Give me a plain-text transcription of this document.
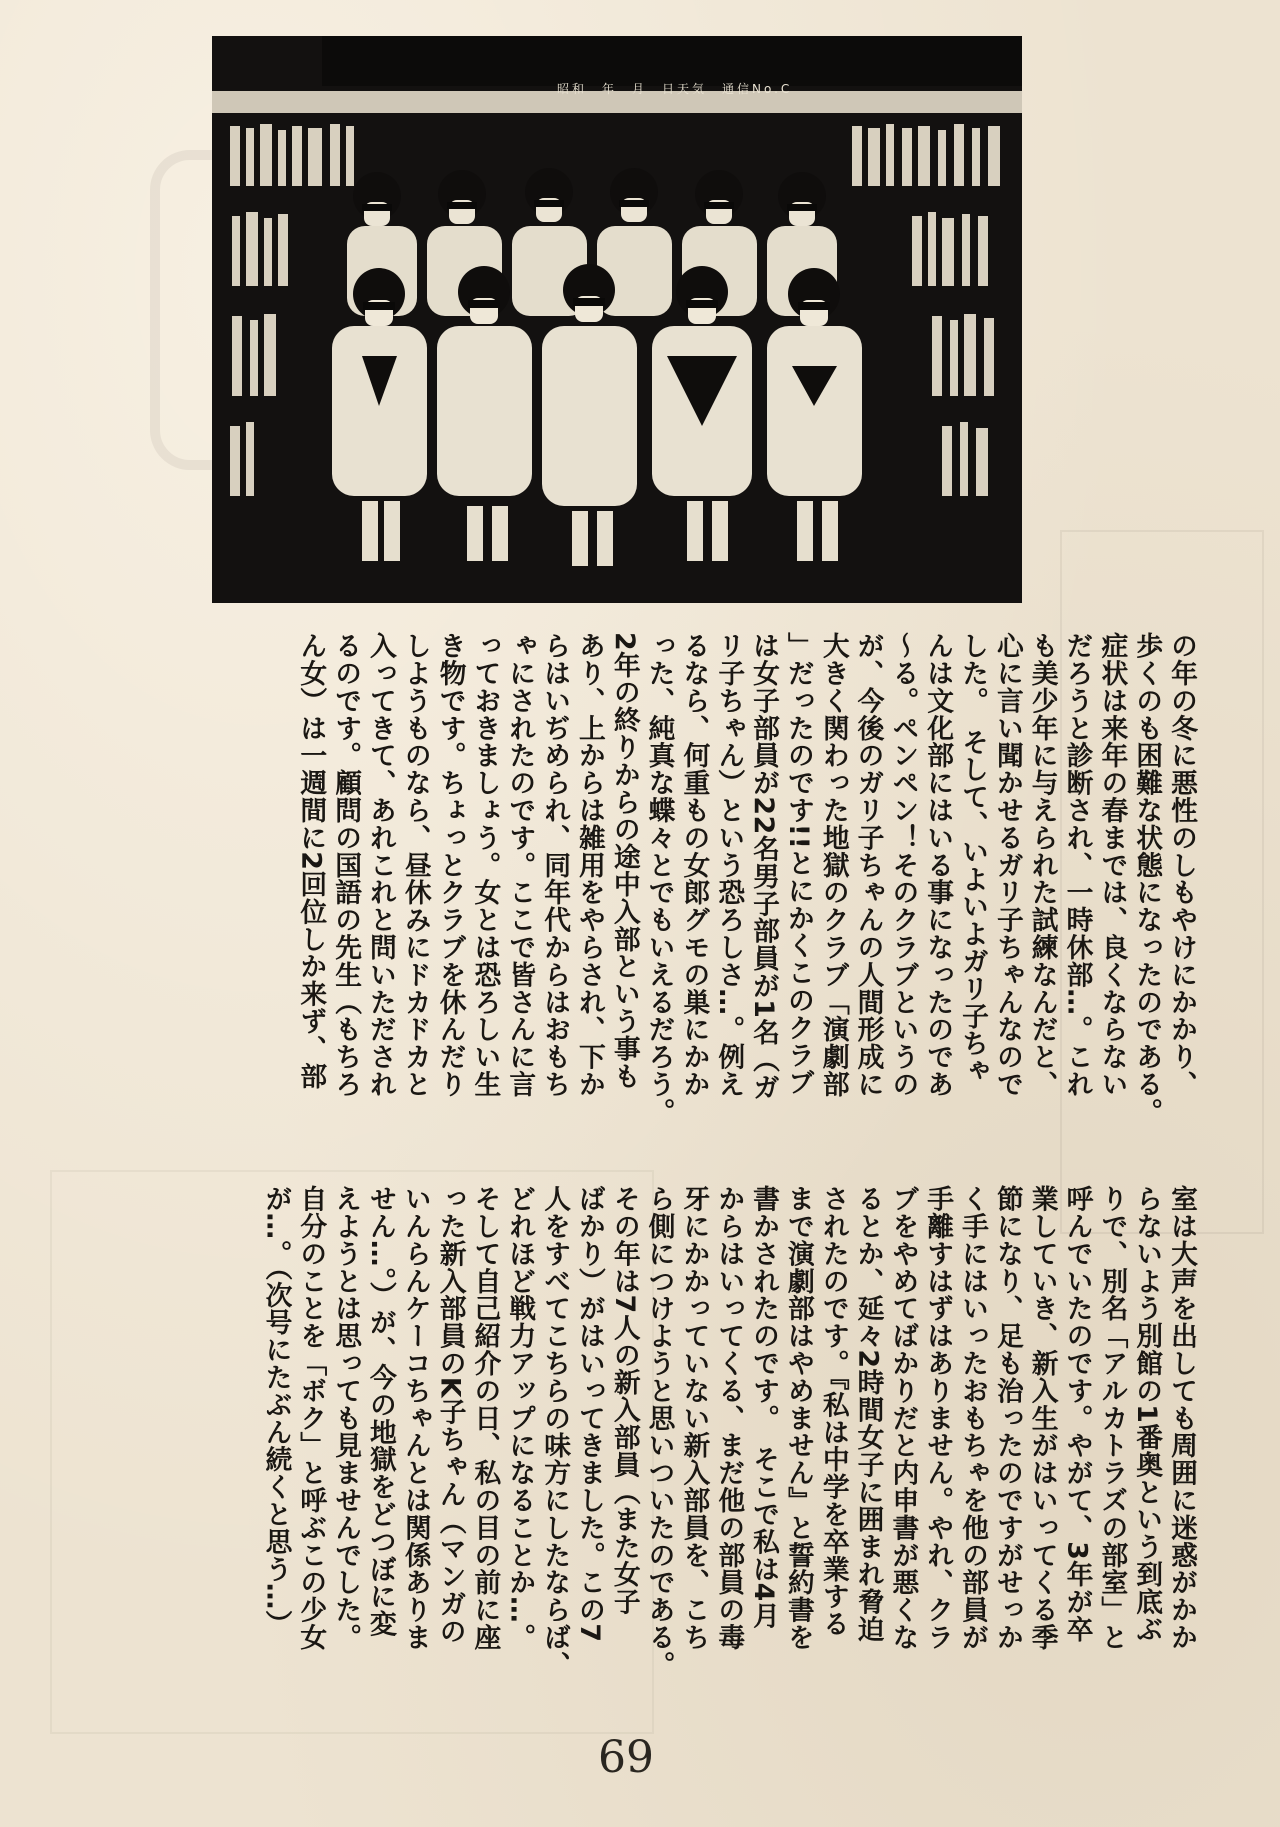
昭和　年　月　日天気　通信No.C
の年の冬に悪性のしもやけにかかり、
歩くのも困難な状態になったのである。
症状は来年の春までは、良くならない
だろうと診断され、一時休部…。これ
も美少年に与えられた試練なんだと、
心に言い聞かせるガリ子ちゃんなので
した。　そして、いよいよガリ子ちゃ
んは文化部にはいる事になったのであ
〜る。ペンペン！そのクラブというの
が、今後のガリ子ちゃんの人間形成に
大きく関わった地獄のクラブ「演劇部
」だったのです!!とにかくこのクラブ
は女子部員が22名男子部員が1名（ガ
リ子ちゃん）という恐ろしさ…。例え
るなら、何重もの女郎グモの巣にかか
った、純真な蝶々とでもいえるだろう。
2年の終りからの途中入部という事も
あり、上からは雑用をやらされ、下か
らはいぢめられ、同年代からはおもち
ゃにされたのです。ここで皆さんに言
っておきましょう。女とは恐ろしい生
き物です。ちょっとクラブを休んだり
しようものなら、昼休みにドカドカと
入ってきて、あれこれと問いただされ
るのです。顧問の国語の先生（もちろ
ん女）は一週間に2回位しか来ず、部
室は大声を出しても周囲に迷惑がかか
らないよう別館の1番奥という到底ぶ
りで、別名「アルカトラズの部室」と
呼んでいたのです。やがて、3年が卒
業していき、新入生がはいってくる季
節になり、足も治ったのですがせっか
く手にはいったおもちゃを他の部員が
手離すはずはありません。やれ、クラ
ブをやめてばかりだと内申書が悪くな
るとか、延々2時間女子に囲まれ脅迫
されたのです。『私は中学を卒業する
まで演劇部はやめません』と誓約書を
書かされたのです。　そこで私は4月
からはいってくる、まだ他の部員の毒
牙にかかっていない新入部員を、こち
ら側につけようと思いついたのである。
その年は7人の新入部員（また女子
ばかり）がはいってきました。この7
人をすべてこちらの味方にしたならば、
どれほど戦力アップになることか…。
そして自己紹介の日、私の目の前に座
った新入部員のK子ちゃん（マンガの
いんらんケーコちゃんとは関係ありま
せん…。）が、今の地獄をどつぼに変
えようとは思っても見ませんでした。
自分のことを「ボク」と呼ぶこの少女
が…。（次号にたぶん続くと思う…）
69
